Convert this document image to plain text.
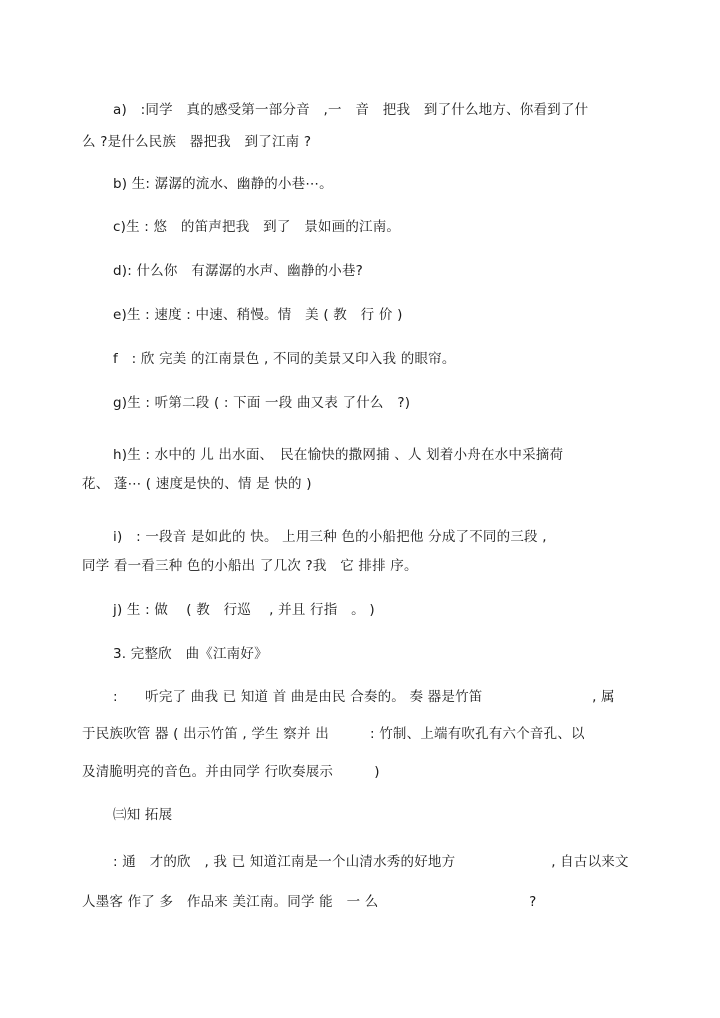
a)　:同学　真的感受第一部分音　,一　音　把我　到了什么地方、你看到了什
么 ?是什么民族　器把我　到了江南 ?
b) 生: 潺潺的流水、幽静的小巷⋯。
c)生 : 悠　的笛声把我　到了　景如画的江南。
d): 什么你　有潺潺的水声、幽静的小巷?
e)生 : 速度 : 中速、稍慢。情　美 ( 教　行 价 )
f　: 欣 完美 的江南景色 , 不同的美景又印入我 的眼帘。
g)生 : 听第二段 ( : 下面 一段 曲又表 了什么　?)
h)生 : 水中的 儿 出水面、　民在愉快的撒网捕 、人 划着小舟在水中采摘荷
花、 蓬⋯ ( 速度是快的、情 是 快的 )
i)　: 一段音 是如此的 快。 上用三种 色的小船把他 分成了不同的三段 ,
同学 看一看三种 色的小船出 了几次 ?我　它 排排 序。
j) 生 : 做　 ( 教　行巡　 , 并且 行指　。 )
3. 完整欣　曲《江南好》
:　　听完了 曲我 已 知道 首 曲是由民 合奏的。 奏 器是竹笛　　　　　　　　, 属
于民族吹管 器 ( 出示竹笛 , 学生 察并 出　　　: 竹制、上端有吹孔有六个音孔、以
及清脆明亮的音色。并由同学 行吹奏展示　　　)
㈢知 拓展
: 通　才的欣　, 我 已 知道江南是一个山清水秀的好地方　　　　　　　, 自古以来文
人墨客 作了 多　作品来 美江南。同学 能　一 么　　　　　　　　　　　?
